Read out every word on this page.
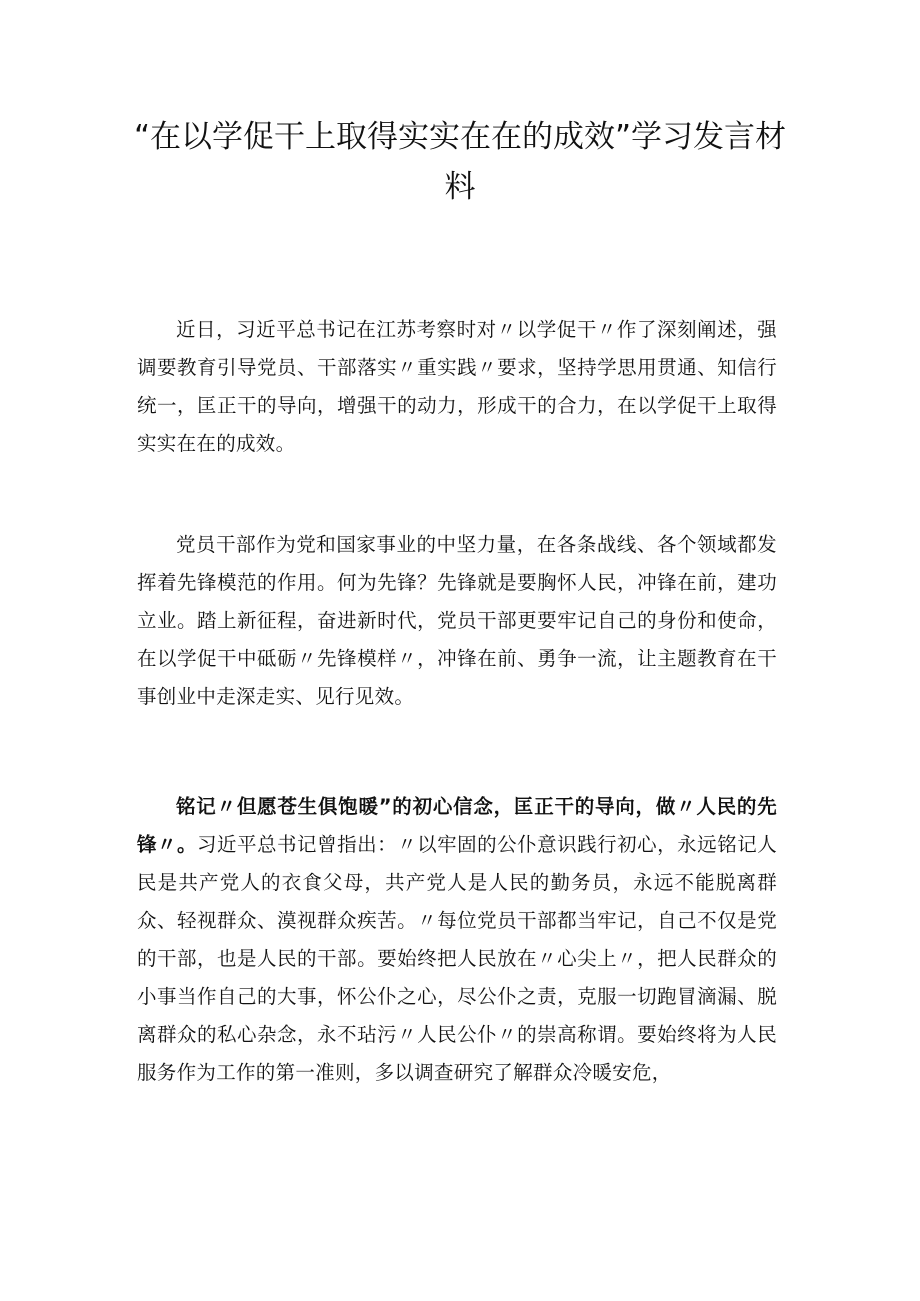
“在以学促干上取得实实在在的成效”学习发言材料

近日，习近平总书记在江苏考察时对〃以学促干〃作了深刻阐述，强调要教育引导党员、干部落实〃重实践〃要求，坚持学思用贯通、知信行统一，匡正干的导向，增强干的动力，形成干的合力，在以学促干上取得实实在在的成效。

党员干部作为党和国家事业的中坚力量，在各条战线、各个领域都发挥着先锋模范的作用。何为先锋？先锋就是要胸怀人民，冲锋在前，建功立业。踏上新征程，奋进新时代，党员干部更要牢记自己的身份和使命，在以学促干中砥砺〃先锋模样〃，冲锋在前、勇争一流，让主题教育在干事创业中走深走实、见行见效。

铭记〃但愿苍生俱饱暖”的初心信念，匡正干的导向，做〃人民的先锋〃。习近平总书记曾指出：〃以牢固的公仆意识践行初心，永远铭记人民是共产党人的衣食父母，共产党人是人民的勤务员，永远不能脱离群众、轻视群众、漠视群众疾苦。〃每位党员干部都当牢记，自己不仅是党的干部，也是人民的干部。要始终把人民放在〃心尖上〃，把人民群众的小事当作自己的大事，怀公仆之心，尽公仆之责，克服一切跑冒滴漏、脱离群众的私心杂念，永不玷污〃人民公仆〃的崇高称谓。要始终将为人民服务作为工作的第一准则，多以调查研究了解群众冷暖安危，
